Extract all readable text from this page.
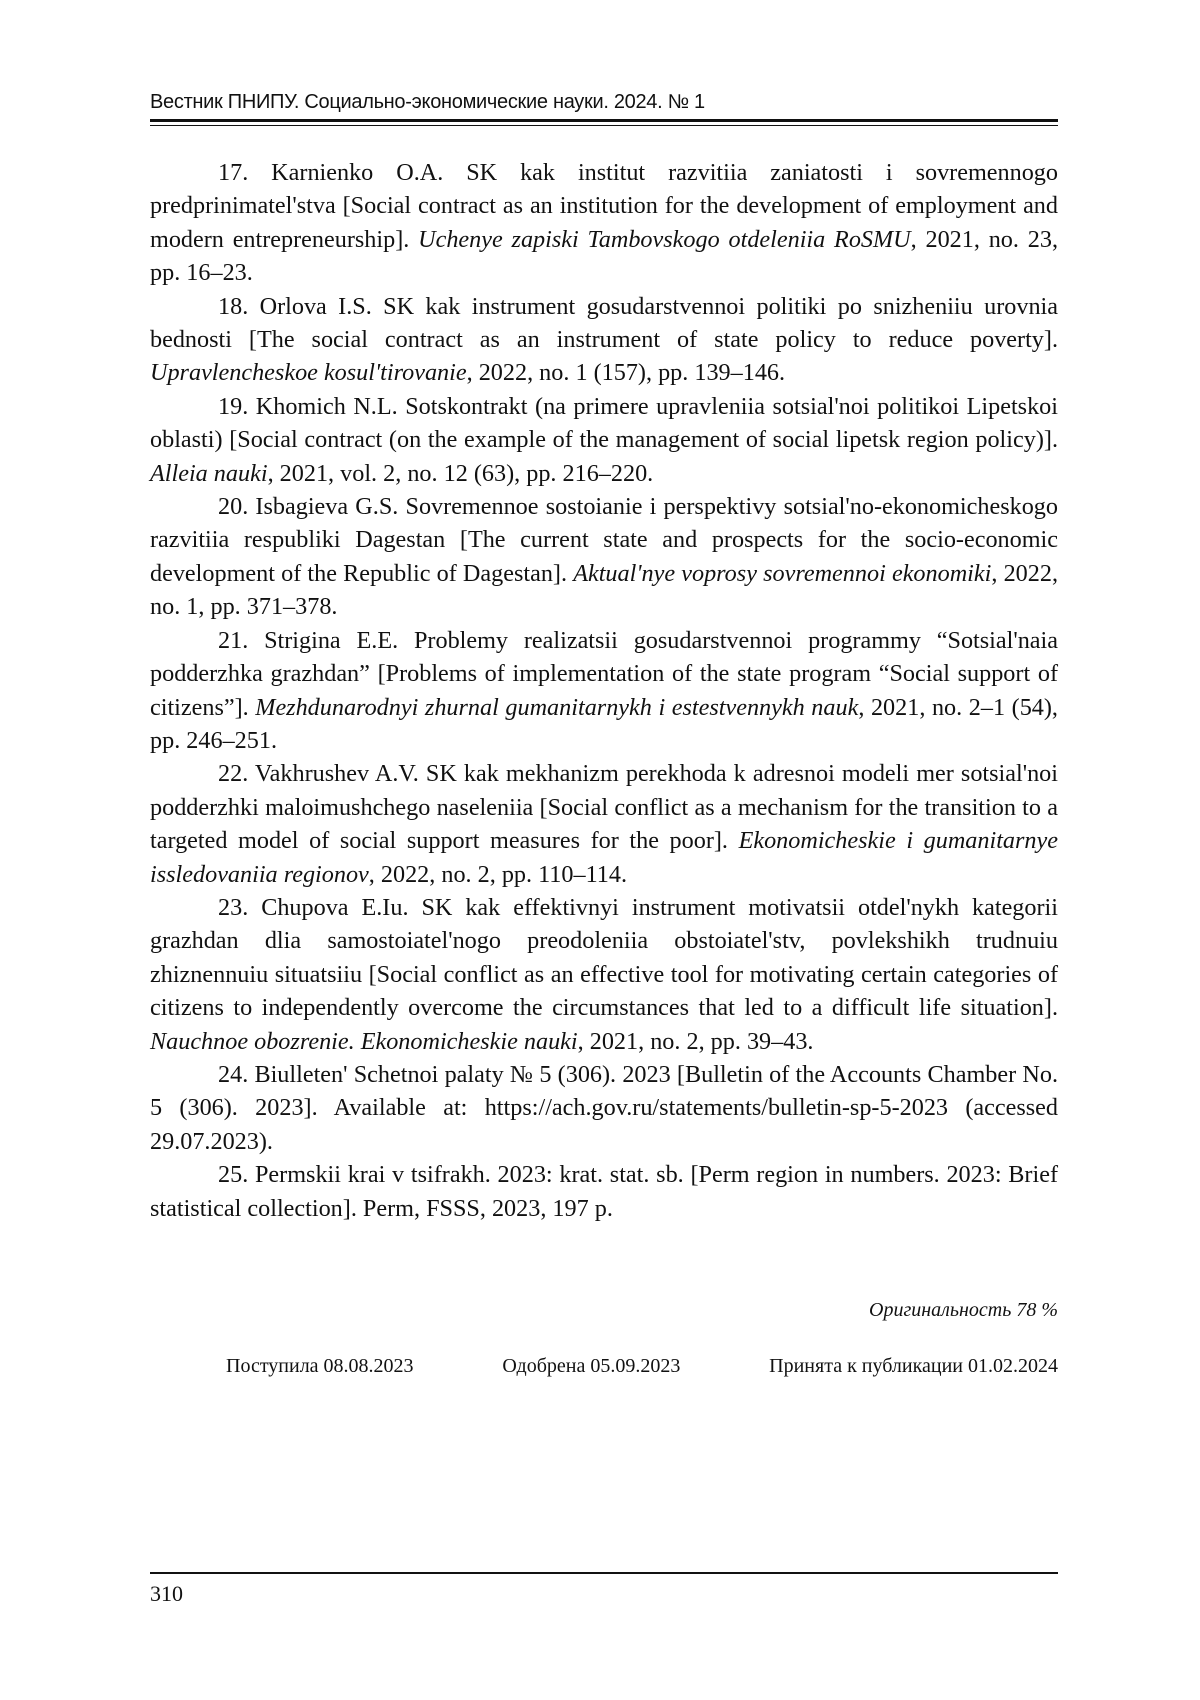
Вестник ПНИПУ. Социально-экономические науки. 2024. № 1
17. Karnienko O.A. SK kak institut razvitiia zaniatosti i sovremennogo predprinimatel'stva [Social contract as an institution for the development of employment and modern entrepreneurship]. Uchenye zapiski Tambovskogo otdeleniia RoSMU, 2021, no. 23, pp. 16–23.
18. Orlova I.S. SK kak instrument gosudarstvennoi politiki po snizheniiu urovnia bednosti [The social contract as an instrument of state policy to reduce poverty]. Upravlencheskoe kosul'tirovanie, 2022, no. 1 (157), pp. 139–146.
19. Khomich N.L. Sotskontrakt (na primere upravleniia sotsial'noi politikoi Lipetskoi oblasti) [Social contract (on the example of the management of social lipetsk region policy)]. Alleia nauki, 2021, vol. 2, no. 12 (63), pp. 216–220.
20. Isbagieva G.S. Sovremennoe sostoianie i perspektivy sotsial'no-ekonomicheskogo razvitiia respubliki Dagestan [The current state and prospects for the socio-economic development of the Republic of Dagestan]. Aktual'nye voprosy sovremennoi ekonomiki, 2022, no. 1, pp. 371–378.
21. Strigina E.E. Problemy realizatsii gosudarstvennoi programmy “Sotsial'naia podderzhka grazhdan” [Problems of implementation of the state program “Social support of citizens”]. Mezhdunarodnyi zhurnal gumanitarnykh i estestvennykh nauk, 2021, no. 2–1 (54), pp. 246–251.
22. Vakhrushev A.V. SK kak mekhanizm perekhoda k adresnoi modeli mer sotsial'noi podderzhki maloimushchego naseleniia [Social conflict as a mechanism for the transition to a targeted model of social support measures for the poor]. Ekonomicheskie i gumanitarnye issledovaniia regionov, 2022, no. 2, pp. 110–114.
23. Chupova E.Iu. SK kak effektivnyi instrument motivatsii otdel'nykh kategorii grazhdan dlia samostoiatel'nogo preodoleniia obstoiatel'stv, povlekshikh trudnuiu zhiznennuiu situatsiiu [Social conflict as an effective tool for motivating certain categories of citizens to independently overcome the circumstances that led to a difficult life situation]. Nauchnoe obozrenie. Ekonomicheskie nauki, 2021, no. 2, pp. 39–43.
24. Biulleten' Schetnoi palaty № 5 (306). 2023 [Bulletin of the Accounts Chamber No. 5 (306). 2023]. Available at: https://ach.gov.ru/statements/bulletin-sp-5-2023 (accessed 29.07.2023).
25. Permskii krai v tsifrakh. 2023: krat. stat. sb. [Perm region in numbers. 2023: Brief statistical collection]. Perm, FSSS, 2023, 197 p.
Оригинальность 78 %
Поступила 08.08.2023	Одобрена 05.09.2023	Принята к публикации 01.02.2024
310
